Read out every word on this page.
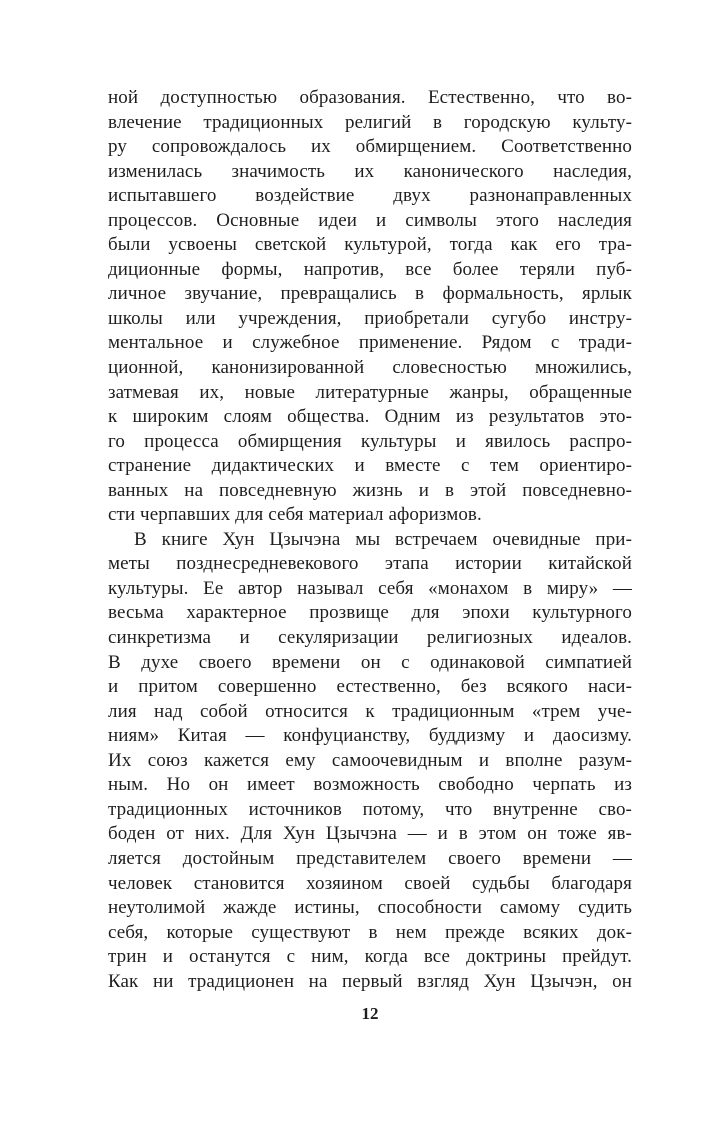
ной доступностью образования. Естественно, что во-
влечение традиционных религий в городскую культу-
ру сопровождалось их обмирщением. Соответственно
изменилась значимость их канонического наследия,
испытавшего воздействие двух разнонаправленных
процессов. Основные идеи и символы этого наследия
были усвоены светской культурой, тогда как его тра-
диционные формы, напротив, все более теряли пуб-
личное звучание, превращались в формальность, ярлык
школы или учреждения, приобретали сугубо инстру-
ментальное и служебное применение. Рядом с тради-
ционной, канонизированной словесностью множились,
затмевая их, новые литературные жанры, обращенные
к широким слоям общества. Одним из результатов это-
го процесса обмирщения культуры и явилось распро-
странение дидактических и вместе с тем ориентиро-
ванных на повседневную жизнь и в этой повседневно-
сти черпавших для себя материал афоризмов.
В книге Хун Цзычэна мы встречаем очевидные при-
меты позднесредневекового этапа истории китайской
культуры. Ее автор называл себя «монахом в миру» —
весьма характерное прозвище для эпохи культурного
синкретизма и секуляризации религиозных идеалов.
В духе своего времени он с одинаковой симпатией
и притом совершенно естественно, без всякого наси-
лия над собой относится к традиционным «трем уче-
ниям» Китая — конфуцианству, буддизму и даосизму.
Их союз кажется ему самоочевидным и вполне разум-
ным. Но он имеет возможность свободно черпать из
традиционных источников потому, что внутренне сво-
боден от них. Для Хун Цзычэна — и в этом он тоже яв-
ляется достойным представителем своего времени —
человек становится хозяином своей судьбы благодаря
неутолимой жажде истины, способности самому судить
себя, которые существуют в нем прежде всяких док-
трин и останутся с ним, когда все доктрины прейдут.
Как ни традиционен на первый взгляд Хун Цзычэн, он
12
